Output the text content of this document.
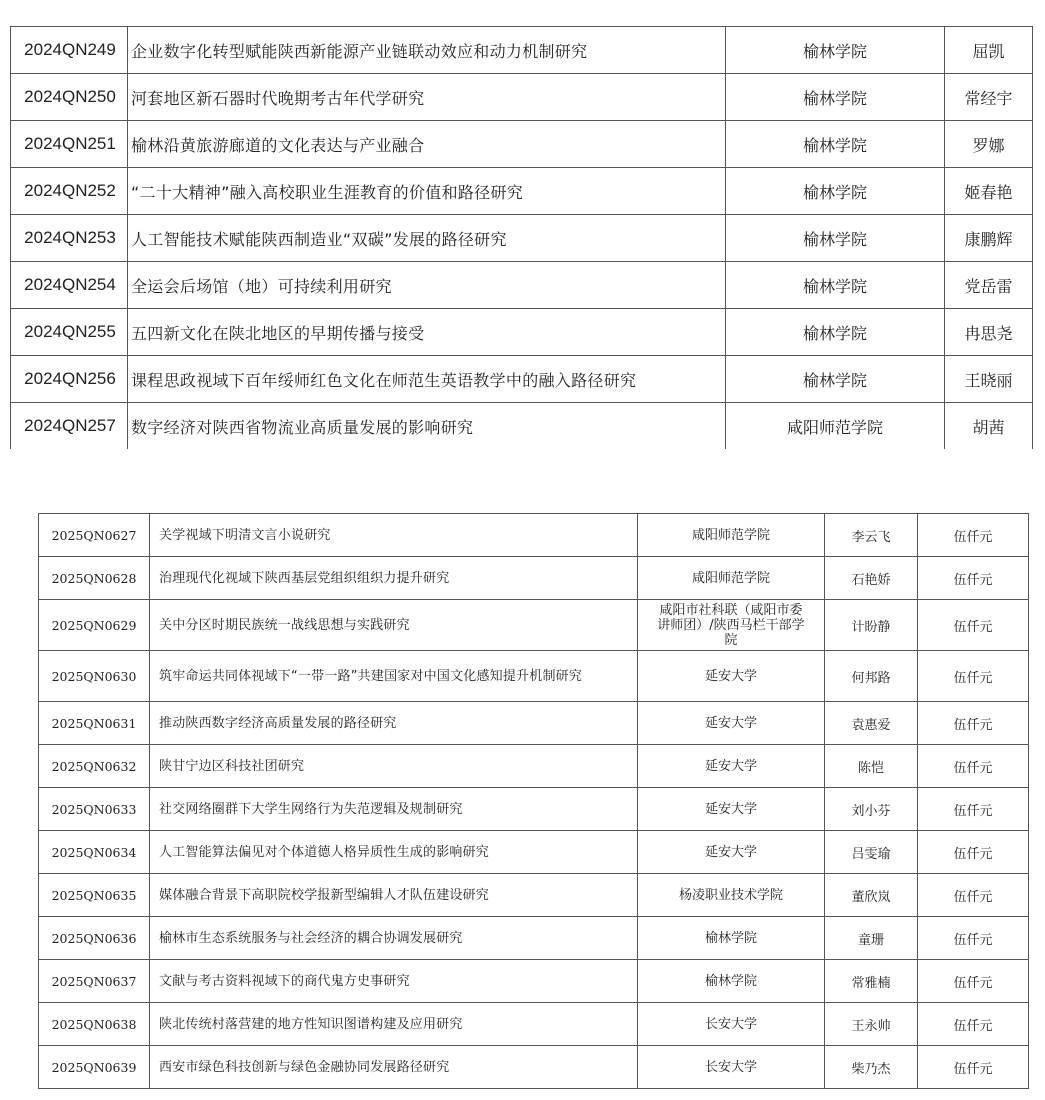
2024QN249	企业数字化转型赋能陕西新能源产业链联动效应和动力机制研究	榆林学院	屈凯
2024QN250	河套地区新石器时代晚期考古年代学研究	榆林学院	常经宇
2024QN251	榆林沿黄旅游廊道的文化表达与产业融合	榆林学院	罗娜
2024QN252	“二十大精神”融入高校职业生涯教育的价值和路径研究	榆林学院	姬春艳
2024QN253	人工智能技术赋能陕西制造业“双碳”发展的路径研究	榆林学院	康鹏辉
2024QN254	全运会后场馆（地）可持续利用研究	榆林学院	党岳雷
2024QN255	五四新文化在陕北地区的早期传播与接受	榆林学院	冉思尧
2024QN256	课程思政视域下百年绥师红色文化在师范生英语教学中的融入路径研究	榆林学院	王晓丽
2024QN257	数字经济对陕西省物流业高质量发展的影响研究	咸阳师范学院	胡茜
2025QN0627	关学视域下明清文言小说研究	咸阳师范学院	李云飞	伍仟元
2025QN0628	治理现代化视域下陕西基层党组织组织力提升研究	咸阳师范学院	石艳娇	伍仟元
2025QN0629	关中分区时期民族统一战线思想与实践研究	咸阳市社科联（咸阳市委
讲师团）/陕西马栏干部学
院	计盼静	伍仟元
2025QN0630	筑牢命运共同体视域下“一带一路”共建国家对中国文化感知提升机制研究	延安大学	何邦路	伍仟元
2025QN0631	推动陕西数字经济高质量发展的路径研究	延安大学	袁惠爱	伍仟元
2025QN0632	陕甘宁边区科技社团研究	延安大学	陈恺	伍仟元
2025QN0633	社交网络圈群下大学生网络行为失范逻辑及规制研究	延安大学	刘小芬	伍仟元
2025QN0634	人工智能算法偏见对个体道德人格异质性生成的影响研究	延安大学	吕雯瑜	伍仟元
2025QN0635	媒体融合背景下高职院校学报新型编辑人才队伍建设研究	杨凌职业技术学院	董欣岚	伍仟元
2025QN0636	榆林市生态系统服务与社会经济的耦合协调发展研究	榆林学院	童珊	伍仟元
2025QN0637	文献与考古资料视域下的商代鬼方史事研究	榆林学院	常雅楠	伍仟元
2025QN0638	陕北传统村落营建的地方性知识图谱构建及应用研究	长安大学	王永帅	伍仟元
2025QN0639	西安市绿色科技创新与绿色金融协同发展路径研究	长安大学	柴乃杰	伍仟元
